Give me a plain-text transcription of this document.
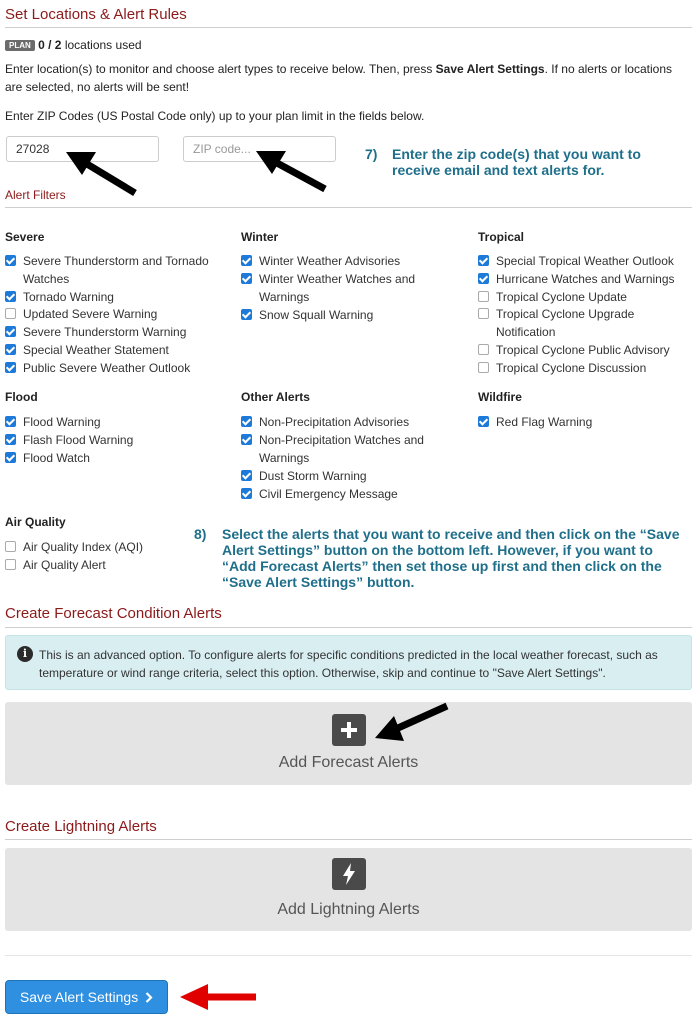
Set Locations & Alert Rules
PLAN 0 / 2 locations used
Enter location(s) to monitor and choose alert types to receive below. Then, press Save Alert Settings. If no alerts or locations are selected, no alerts will be sent!
Enter ZIP Codes (US Postal Code only) up to your plan limit in the fields below.
27028
ZIP code...
7) Enter the zip code(s) that you want to receive email and text alerts for.
Alert Filters
Severe
Severe Thunderstorm and Tornado Watches
Tornado Warning
Updated Severe Warning
Severe Thunderstorm Warning
Special Weather Statement
Public Severe Weather Outlook
Winter
Winter Weather Advisories
Winter Weather Watches and Warnings
Snow Squall Warning
Tropical
Special Tropical Weather Outlook
Hurricane Watches and Warnings
Tropical Cyclone Update
Tropical Cyclone Upgrade Notification
Tropical Cyclone Public Advisory
Tropical Cyclone Discussion
Flood
Flood Warning
Flash Flood Warning
Flood Watch
Other Alerts
Non-Precipitation Advisories
Non-Precipitation Watches and Warnings
Dust Storm Warning
Civil Emergency Message
Wildfire
Red Flag Warning
Air Quality
Air Quality Index (AQI)
Air Quality Alert
8) Select the alerts that you want to receive and then click on the “Save Alert Settings” button on the bottom left. However, if you want to “Add Forecast Alerts” then set those up first and then click on the “Save Alert Settings” button.
Create Forecast Condition Alerts
i This is an advanced option. To configure alerts for specific conditions predicted in the local weather forecast, such as temperature or wind range criteria, select this option. Otherwise, skip and continue to "Save Alert Settings".
Add Forecast Alerts
Create Lightning Alerts
Add Lightning Alerts
Save Alert Settings
